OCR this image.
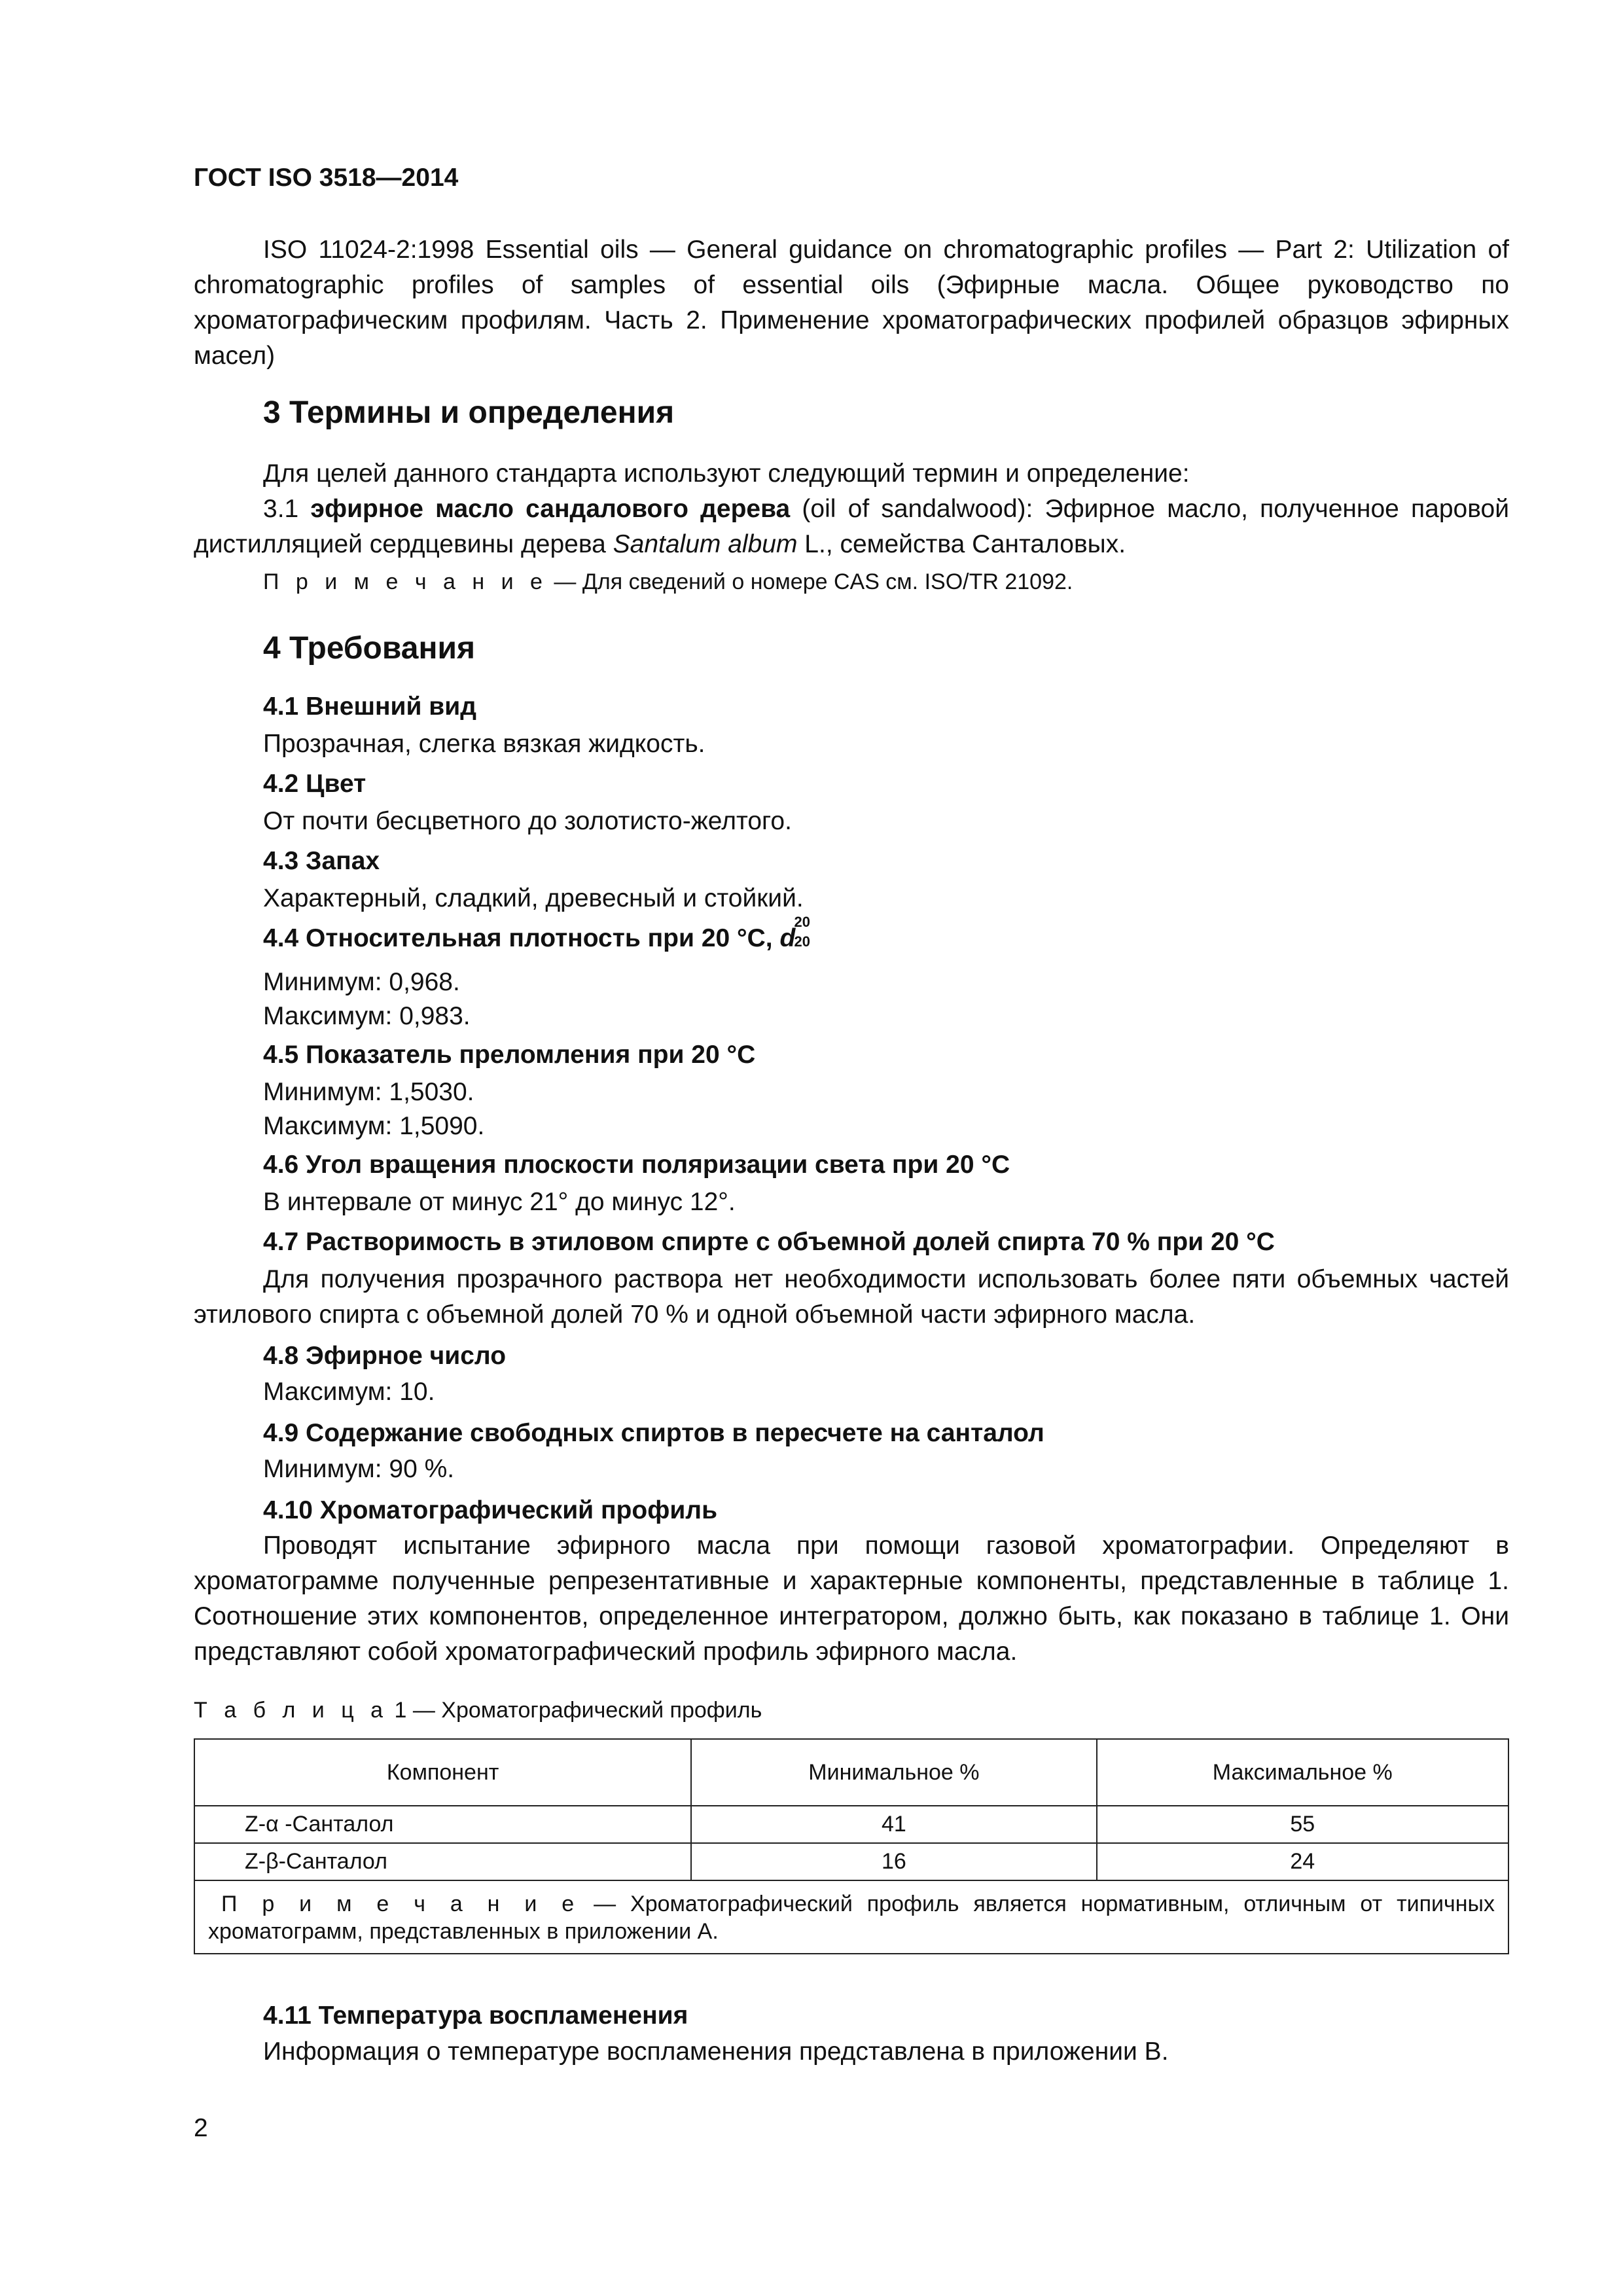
ГОСТ ISO 3518—2014
ISO 11024-2:1998 Essential oils — General guidance on chromatographic profiles — Part 2: Utilization of chromatographic profiles of samples of essential oils (Эфирные масла. Общее руководство по хроматографическим профилям. Часть 2. Применение хроматографических профилей образцов эфирных масел)
3 Термины и определения
Для целей данного стандарта используют следующий термин и определение:
3.1 эфирное масло сандалового дерева (oil of sandalwood): Эфирное масло, полученное паровой дистилляцией сердцевины дерева Santalum album L., семейства Санталовых.
П р и м е ч а н и е — Для сведений о номере CAS см. ISO/TR 21092.
4 Требования
4.1 Внешний вид
Прозрачная, слегка вязкая жидкость.
4.2 Цвет
От почти бесцветного до золотисто-желтого.
4.3 Запах
Характерный, сладкий, древесный и стойкий.
4.4 Относительная плотность при 20 °С, d
20
20
Минимум: 0,968.
Максимум: 0,983.
4.5 Показатель преломления при 20 °С
Минимум: 1,5030.
Максимум: 1,5090.
4.6 Угол вращения плоскости поляризации света при 20 °С
В интервале от минус 21° до минус 12°.
4.7 Растворимость в этиловом спирте с объемной долей спирта 70 % при 20 °С
Для получения прозрачного раствора нет необходимости использовать более пяти объемных частей этилового спирта с объемной долей 70 % и одной объемной части эфирного масла.
4.8 Эфирное число
Максимум: 10.
4.9 Содержание свободных спиртов в пересчете на санталол
Минимум: 90 %.
4.10 Хроматографический профиль
Проводят испытание эфирного масла при помощи газовой хроматографии. Определяют в хроматограмме полученные репрезентативные и характерные компоненты, представленные в таблице 1. Соотношение этих компонентов, определенное интегратором, должно быть, как показано в таблице 1. Они представляют собой хроматографический профиль эфирного масла.
Т а б л и ц а 1 — Хроматографический профиль
Компонент	Минимальное %	Максимальное %
Z-α -Санталол	41	55
Z-β-Санталол	16	24
П р и м е ч а н и е — Хроматографический профиль является нормативным, отличным от типичных хроматограмм, представленных в приложении А.		
4.11 Температура воспламенения
Информация о температуре воспламенения представлена в приложении В.
2
